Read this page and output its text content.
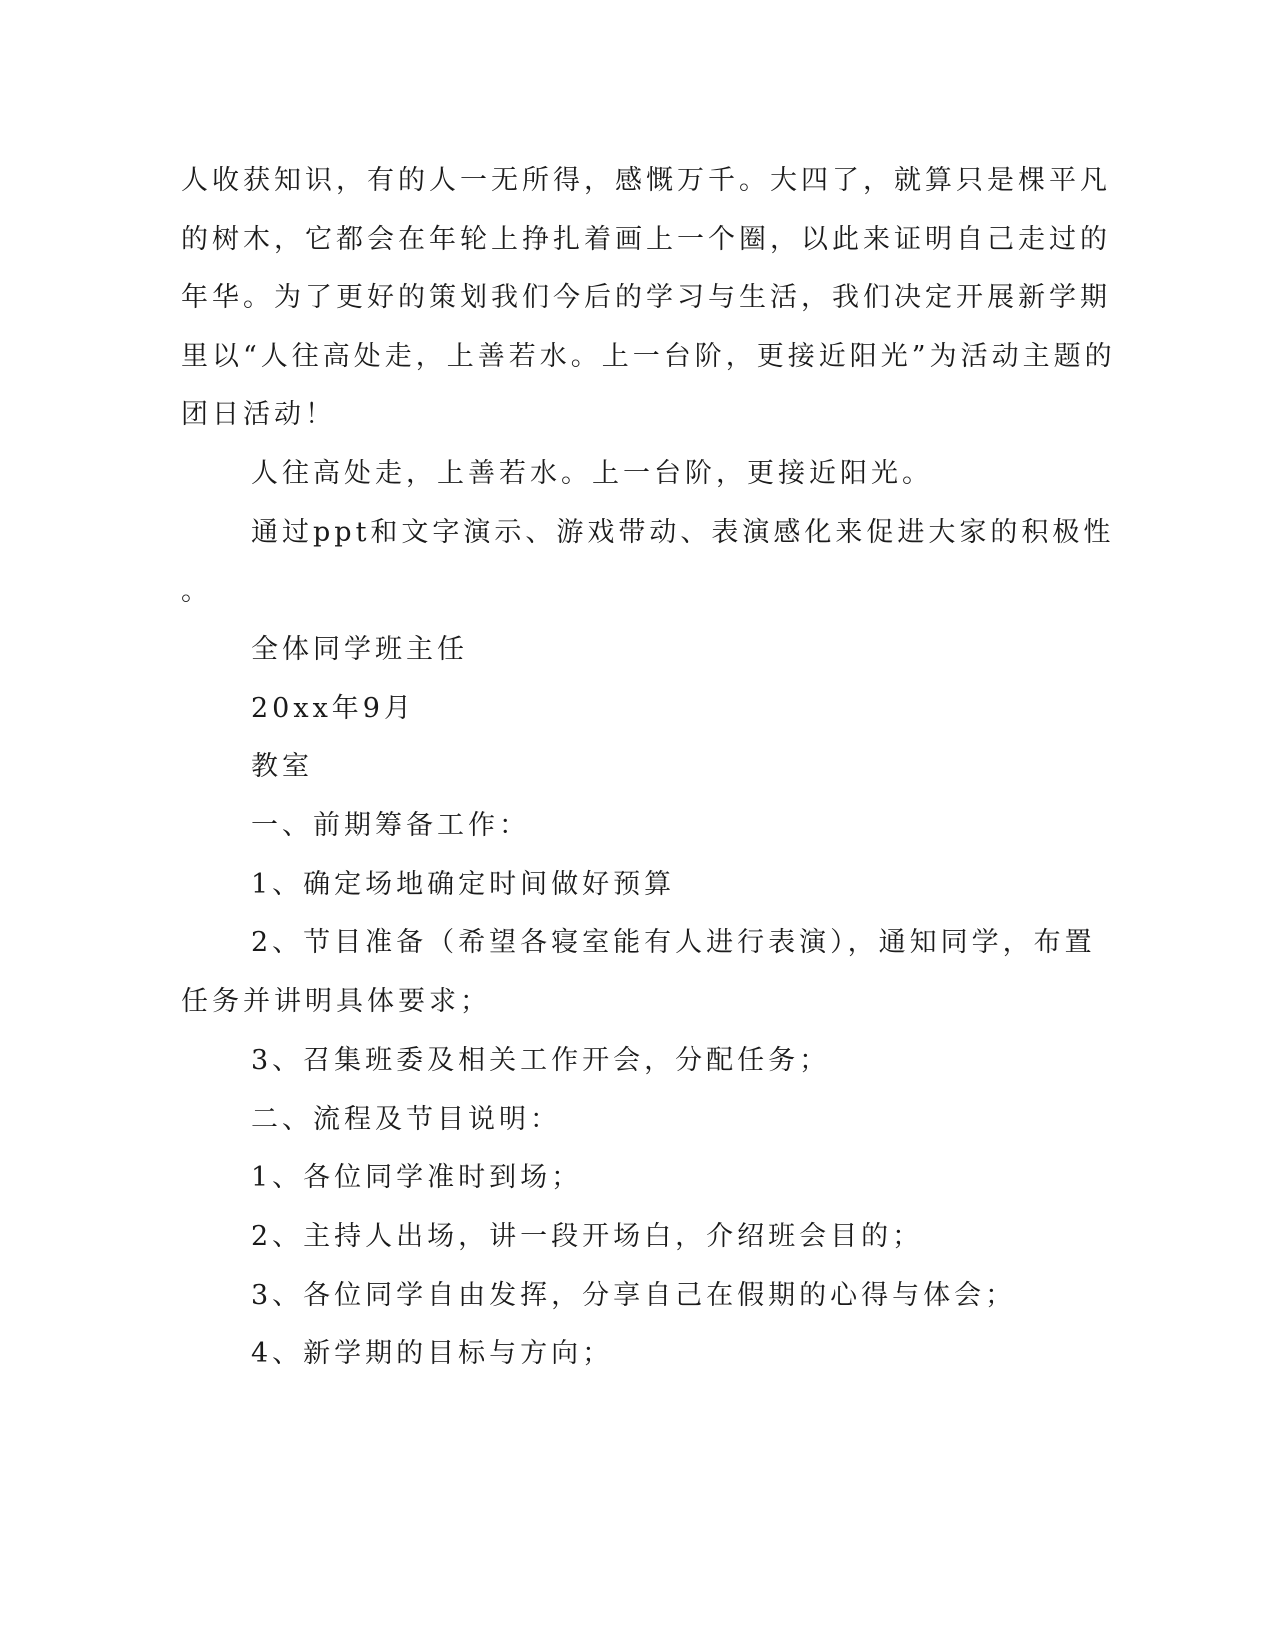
人收获知识，有的人一无所得，感慨万千。大四了，就算只是棵平凡
的树木，它都会在年轮上挣扎着画上一个圈，以此来证明自己走过的
年华。为了更好的策划我们今后的学习与生活，我们决定开展新学期
里以“人往高处走，上善若水。上一台阶，更接近阳光”为活动主题的
团日活动！
人往高处走，上善若水。上一台阶，更接近阳光。
通过ppt和文字演示、游戏带动、表演感化来促进大家的积极性
。
全体同学班主任
20xx年9月
教室
一、前期筹备工作：
1、确定场地确定时间做好预算
2、节目准备（希望各寝室能有人进行表演），通知同学，布置
任务并讲明具体要求；
3、召集班委及相关工作开会，分配任务；
二、流程及节目说明：
1、各位同学准时到场；
2、主持人出场，讲一段开场白，介绍班会目的；
3、各位同学自由发挥，分享自己在假期的心得与体会；
4、新学期的目标与方向；
